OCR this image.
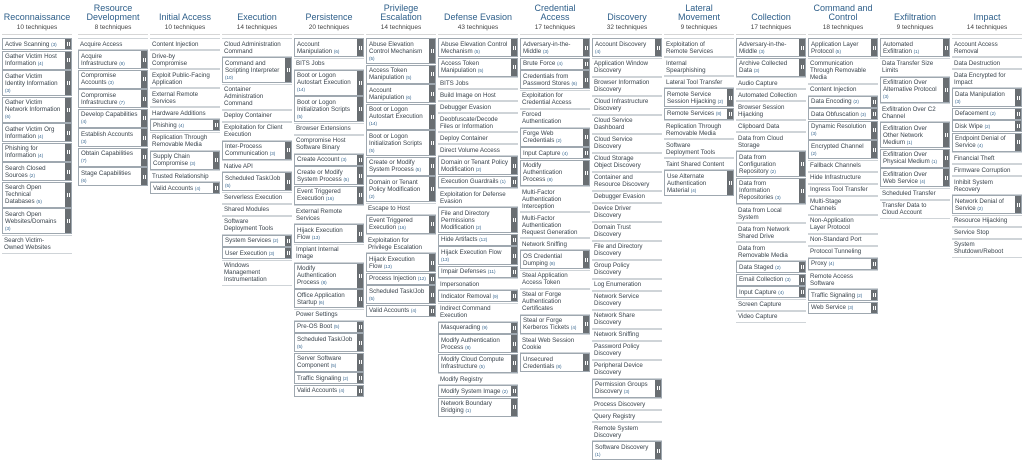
Reconnaissance
10 techniques
Active Scanning (3)
Gather Victim Host Information (4)
Gather Victim Identity Information (3)
Gather Victim Network Information (6)
Gather Victim Org Information (4)
Phishing for Information (4)
Search Closed Sources (2)
Search Open Technical Databases (5)
Search Open Websites/Domains (3)
Search Victim-Owned Websites
Resource Development
8 techniques
Acquire Access
Acquire Infrastructure (8)
Compromise Accounts (3)
Compromise Infrastructure (7)
Develop Capabilities (4)
Establish Accounts (3)
Obtain Capabilities (7)
Stage Capabilities (6)
Initial Access
10 techniques
Content Injection
Drive-by Compromise
Exploit Public-Facing Application
External Remote Services
Hardware Additions
Phishing (4)
Replication Through Removable Media
Supply Chain Compromise (3)
Trusted Relationship
Valid Accounts (4)
Execution
14 techniques
Cloud Administration Command
Command and Scripting Interpreter (10)
Container Administration Command
Deploy Container
Exploitation for Client Execution
Inter-Process Communication (3)
Native API
Scheduled Task/Job (5)
Serverless Execution
Shared Modules
Software Deployment Tools
System Services (2)
User Execution (3)
Windows Management Instrumentation
Persistence
20 techniques
Account Manipulation (6)
BITS Jobs
Boot or Logon Autostart Execution (14)
Boot or Logon Initialization Scripts (5)
Browser Extensions
Compromise Host Software Binary
Create Account (3)
Create or Modify System Process (5)
Event Triggered Execution (16)
External Remote Services
Hijack Execution Flow (13)
Implant Internal Image
Modify Authentication Process (8)
Office Application Startup (6)
Power Settings
Pre-OS Boot (5)
Scheduled Task/Job (5)
Server Software Component (5)
Traffic Signaling (2)
Valid Accounts (4)
Privilege Escalation
14 techniques
Abuse Elevation Control Mechanism (5)
Access Token Manipulation (5)
Account Manipulation (6)
Boot or Logon Autostart Execution (14)
Boot or Logon Initialization Scripts (5)
Create or Modify System Process (5)
Domain or Tenant Policy Modification (2)
Escape to Host
Event Triggered Execution (16)
Exploitation for Privilege Escalation
Hijack Execution Flow (13)
Process Injection (12)
Scheduled Task/Job (5)
Valid Accounts (4)
Defense Evasion
43 techniques
Abuse Elevation Control Mechanism (5)
Access Token Manipulation (5)
BITS Jobs
Build Image on Host
Debugger Evasion
Deobfuscate/Decode Files or Information
Deploy Container
Direct Volume Access
Domain or Tenant Policy Modification (2)
Execution Guardrails (1)
Exploitation for Defense Evasion
File and Directory Permissions Modification (2)
Hide Artifacts (12)
Hijack Execution Flow (13)
Impair Defenses (11)
Impersonation
Indicator Removal (9)
Indirect Command Execution
Masquerading (9)
Modify Authentication Process (8)
Modify Cloud Compute Infrastructure (5)
Modify Registry
Modify System Image (2)
Network Boundary Bridging (1)
Credential Access
17 techniques
Adversary-in-the-Middle (3)
Brute Force (4)
Credentials from Password Stores (6)
Exploitation for Credential Access
Forced Authentication
Forge Web Credentials (2)
Input Capture (4)
Modify Authentication Process (8)
Multi-Factor Authentication Interception
Multi-Factor Authentication Request Generation
Network Sniffing
OS Credential Dumping (8)
Steal Application Access Token
Steal or Forge Authentication Certificates
Steal or Forge Kerberos Tickets (4)
Steal Web Session Cookie
Unsecured Credentials (8)
Discovery
32 techniques
Account Discovery (4)
Application Window Discovery
Browser Information Discovery
Cloud Infrastructure Discovery
Cloud Service Dashboard
Cloud Service Discovery
Cloud Storage Object Discovery
Container and Resource Discovery
Debugger Evasion
Device Driver Discovery
Domain Trust Discovery
File and Directory Discovery
Group Policy Discovery
Log Enumeration
Network Service Discovery
Network Share Discovery
Network Sniffing
Password Policy Discovery
Peripheral Device Discovery
Permission Groups Discovery (3)
Process Discovery
Query Registry
Remote System Discovery
Software Discovery (1)
Lateral Movement
9 techniques
Exploitation of Remote Services
Internal Spearphishing
Lateral Tool Transfer
Remote Service Session Hijacking (2)
Remote Services (8)
Replication Through Removable Media
Software Deployment Tools
Taint Shared Content
Use Alternate Authentication Material (4)
Collection
17 techniques
Adversary-in-the-Middle (3)
Archive Collected Data (3)
Audio Capture
Automated Collection
Browser Session Hijacking
Clipboard Data
Data from Cloud Storage
Data from Configuration Repository (2)
Data from Information Repositories (3)
Data from Local System
Data from Network Shared Drive
Data from Removable Media
Data Staged (2)
Email Collection (3)
Input Capture (4)
Screen Capture
Video Capture
Command and Control
18 techniques
Application Layer Protocol (5)
Communication Through Removable Media
Content Injection
Data Encoding (2)
Data Obfuscation (3)
Dynamic Resolution (3)
Encrypted Channel (2)
Fallback Channels
Hide Infrastructure
Ingress Tool Transfer
Multi-Stage Channels
Non-Application Layer Protocol
Non-Standard Port
Protocol Tunneling
Proxy (4)
Remote Access Software
Traffic Signaling (2)
Web Service (3)
Exfiltration
9 techniques
Automated Exfiltration (1)
Data Transfer Size Limits
Exfiltration Over Alternative Protocol (3)
Exfiltration Over C2 Channel
Exfiltration Over Other Network Medium (1)
Exfiltration Over Physical Medium (1)
Exfiltration Over Web Service (4)
Scheduled Transfer
Transfer Data to Cloud Account
Impact
14 techniques
Account Access Removal
Data Destruction
Data Encrypted for Impact
Data Manipulation (3)
Defacement (2)
Disk Wipe (2)
Endpoint Denial of Service (4)
Financial Theft
Firmware Corruption
Inhibit System Recovery
Network Denial of Service (2)
Resource Hijacking
Service Stop
System Shutdown/Reboot
